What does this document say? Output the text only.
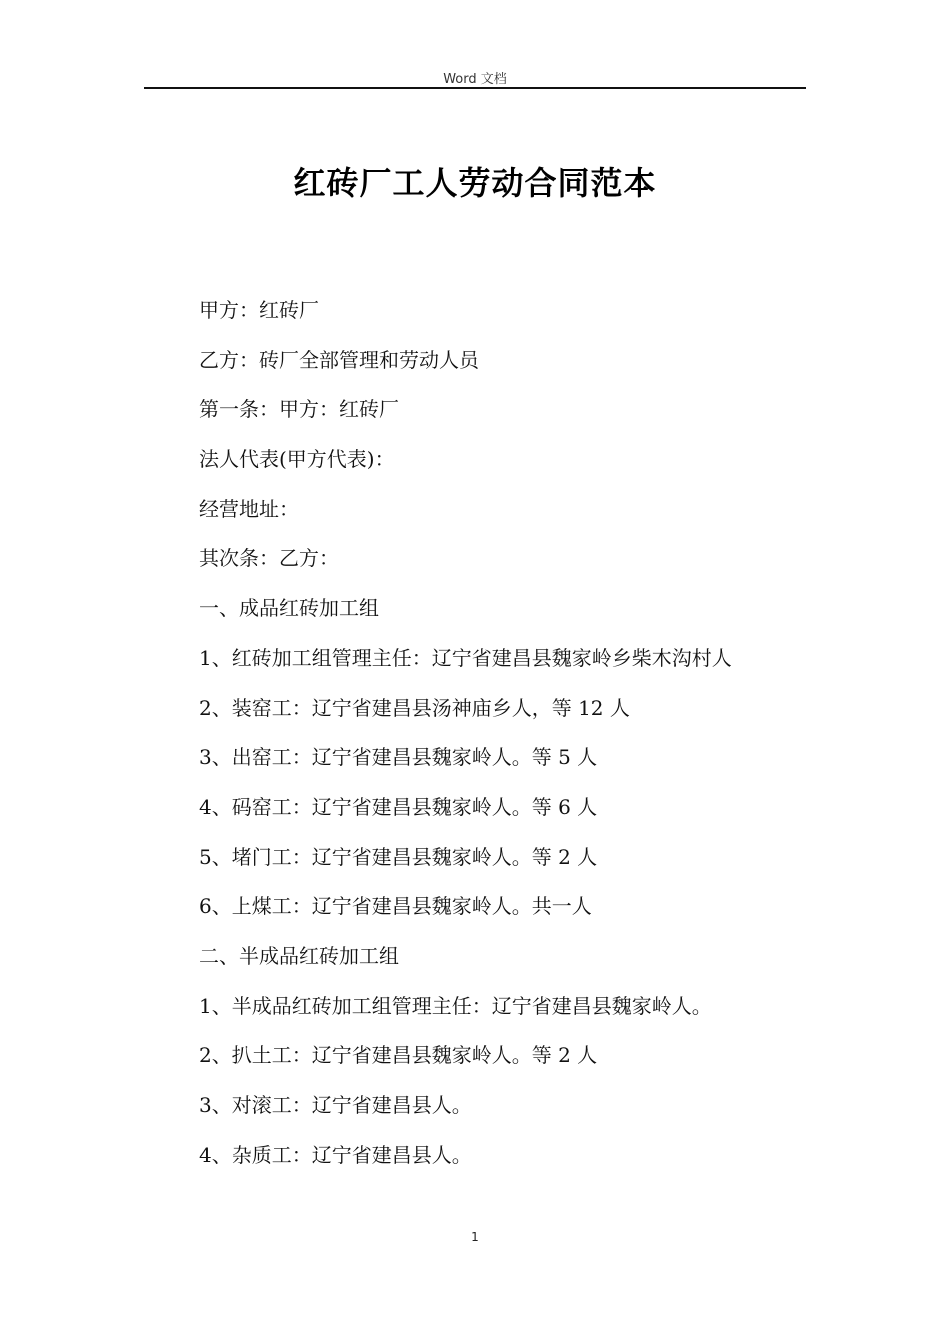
Word 文档
红砖厂工人劳动合同范本
甲方：红砖厂
乙方：砖厂全部管理和劳动人员
第一条：甲方：红砖厂
法人代表(甲方代表)：
经营地址：
其次条：乙方：
一、成品红砖加工组
1、红砖加工组管理主任：辽宁省建昌县魏家岭乡柴木沟村人
2、装窑工：辽宁省建昌县汤神庙乡人，等 12 人
3、出窑工：辽宁省建昌县魏家岭人。等 5 人
4、码窑工：辽宁省建昌县魏家岭人。等 6 人
5、堵门工：辽宁省建昌县魏家岭人。等 2 人
6、上煤工：辽宁省建昌县魏家岭人。共一人
二、半成品红砖加工组
1、半成品红砖加工组管理主任：辽宁省建昌县魏家岭人。
2、扒土工：辽宁省建昌县魏家岭人。等 2 人
3、对滚工：辽宁省建昌县人。
4、杂质工：辽宁省建昌县人。
1
